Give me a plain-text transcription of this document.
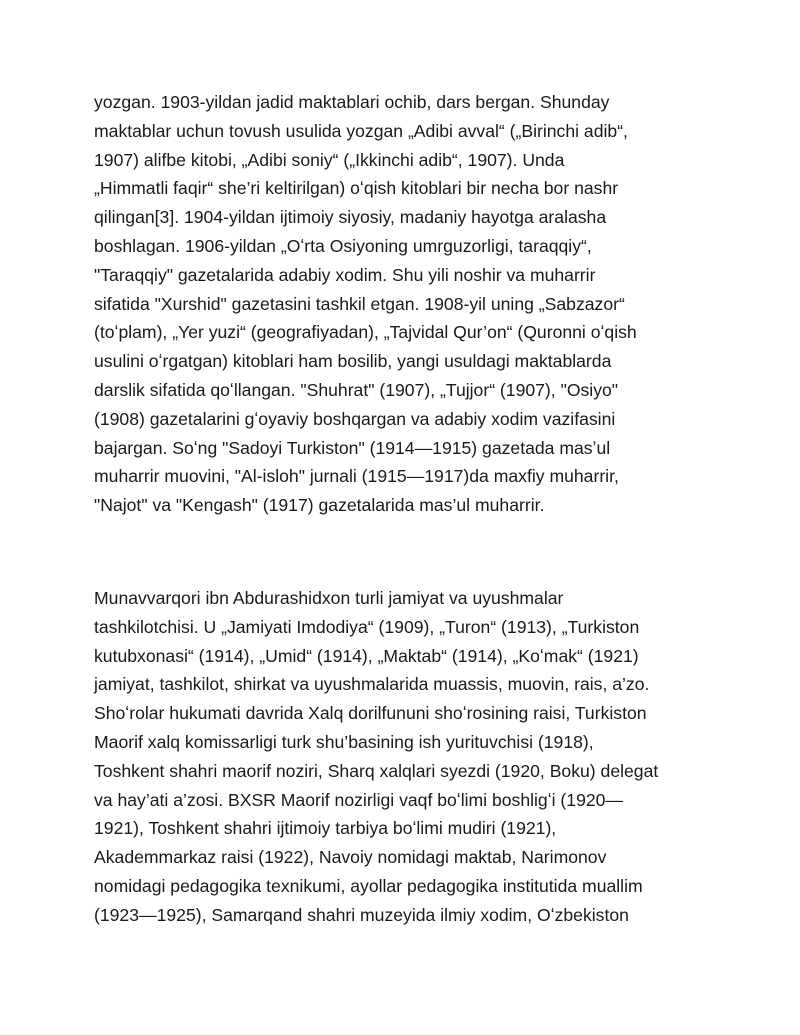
yozgan. 1903-yildan jadid maktablari ochib, dars bergan. Shunday
maktablar uchun tovush usulida yozgan „Adibi avval“ („Birinchi adib“,
1907) alifbe kitobi, „Adibi soniy“ („Ikkinchi adib“, 1907). Unda
„Himmatli faqir“ she’ri keltirilgan) oʻqish kitoblari bir necha bor nashr
qilingan[3]. 1904-yildan ijtimoiy siyosiy, madaniy hayotga aralasha
boshlagan. 1906-yildan „Oʻrta Osiyoning umrguzorligi, taraqqiy“,
"Taraqqiy" gazetalarida adabiy xodim. Shu yili noshir va muharrir
sifatida "Xurshid" gazetasini tashkil etgan. 1908-yil uning „Sabzazor“
(toʻplam), „Yer yuzi“ (geografiyadan), „Tajvidal Qur’on“ (Quronni oʻqish
usulini oʻrgatgan) kitoblari ham bosilib, yangi usuldagi maktablarda
darslik sifatida qoʻllangan. "Shuhrat" (1907), „Tujjor“ (1907), "Osiyo"
(1908) gazetalarini gʻoyaviy boshqargan va adabiy xodim vazifasini
bajargan. Soʻng "Sadoyi Turkiston" (1914—1915) gazetada masʼul
muharrir muovini, "Al-isloh" jurnali (1915—1917)da maxfiy muharrir,
"Najot" va "Kengash" (1917) gazetalarida mas’ul muharrir.
Munavvarqori ibn Abdurashidxon turli jamiyat va uyushmalar
tashkilotchisi. U „Jamiyati Imdodiya“ (1909), „Turon“ (1913), „Turkiston
kutubxonasi“ (1914), „Umid“ (1914), „Maktab“ (1914), „Koʻmak“ (1921)
jamiyat, tashkilot, shirkat va uyushmalarida muassis, muovin, rais, a’zo.
Shoʻrolar hukumati davrida Xalq dorilfununi shoʻrosining raisi, Turkiston
Maorif xalq komissarligi turk shu’basining ish yurituvchisi (1918),
Toshkent shahri maorif noziri, Sharq xalqlari syezdi (1920, Boku) delegat
va hay’ati a’zosi. BXSR Maorif nozirligi vaqf boʻlimi boshligʻi (1920—
1921), Toshkent shahri ijtimoiy tarbiya boʻlimi mudiri (1921),
Akademmarkaz raisi (1922), Navoiy nomidagi maktab, Narimonov
nomidagi pedagogika texnikumi, ayollar pedagogika institutida muallim
(1923—1925), Samarqand shahri muzeyida ilmiy xodim, Oʻzbekiston
